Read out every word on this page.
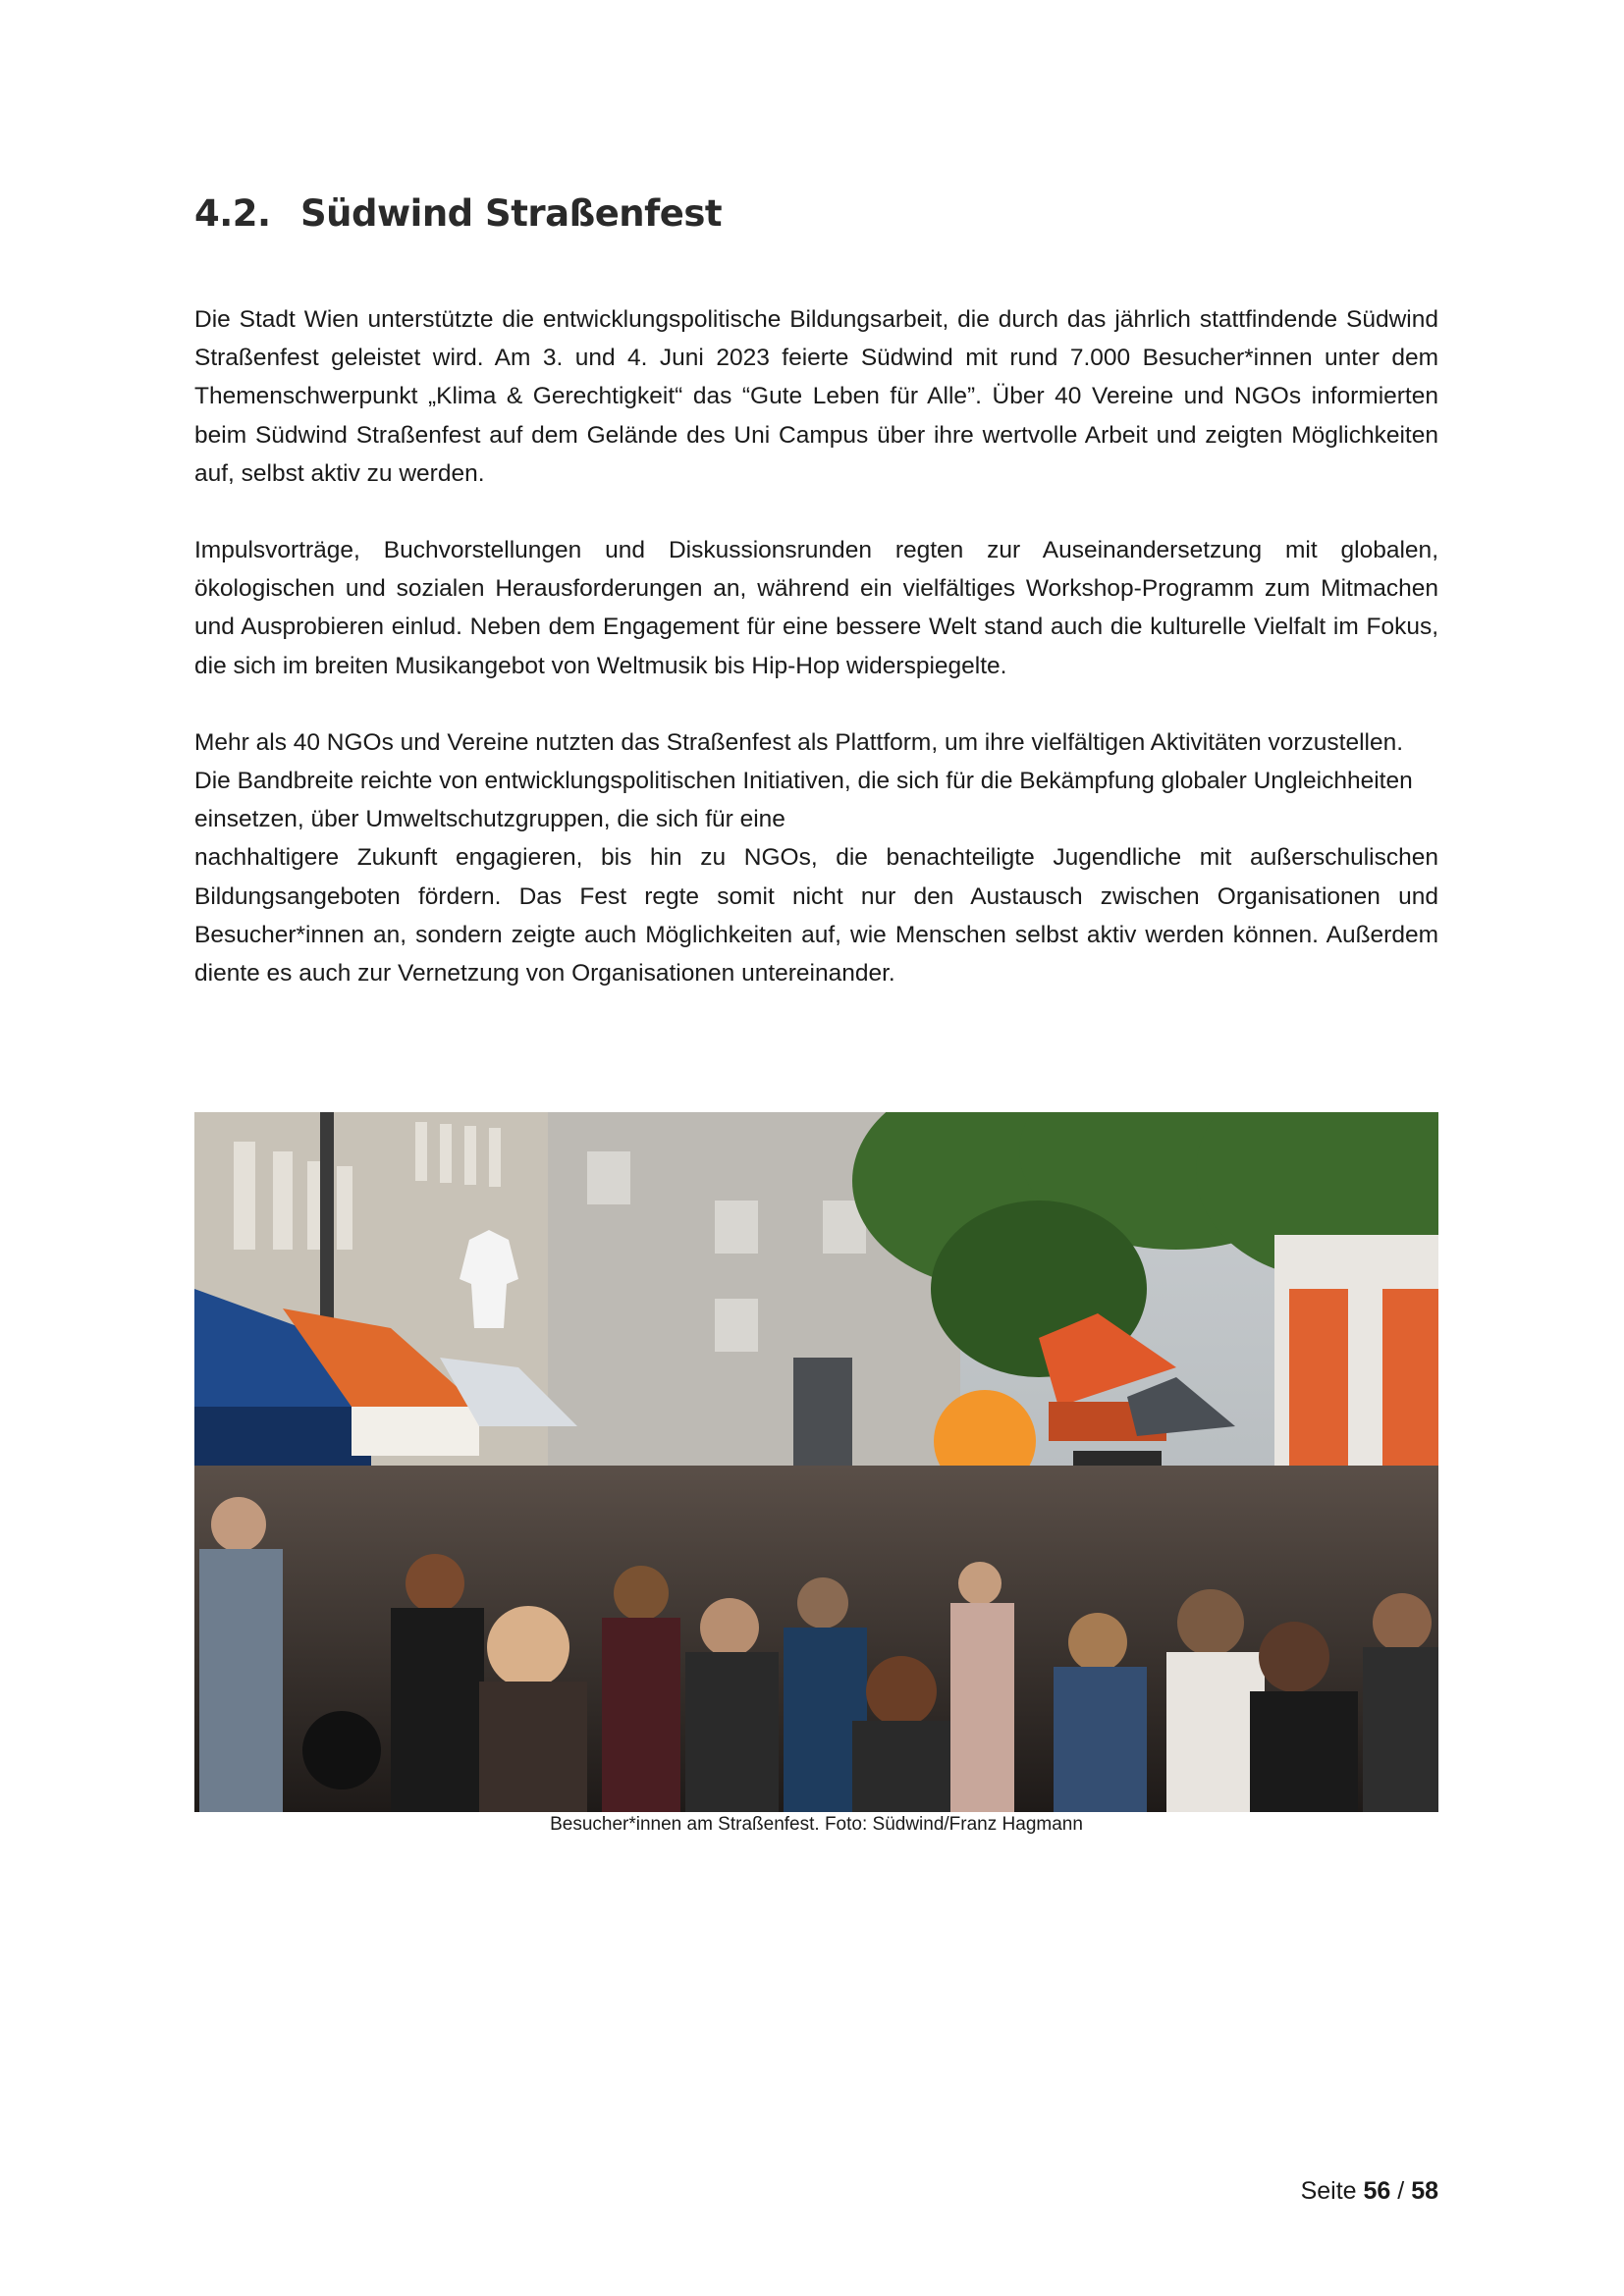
4.2. Südwind Straßenfest

Die Stadt Wien unterstützte die entwicklungspolitische Bildungsarbeit, die durch das jährlich stattfindende Südwind Straßenfest geleistet wird. Am 3. und 4. Juni 2023 feierte Südwind mit rund 7.000 Besucher*innen unter dem Themenschwerpunkt „Klima & Gerechtigkeit“ das “Gute Leben für Alle”. Über 40 Vereine und NGOs informierten beim Südwind Straßenfest auf dem Gelände des Uni Campus über ihre wertvolle Arbeit und zeigten Möglichkeiten auf, selbst aktiv zu werden.

Impulsvorträge, Buchvorstellungen und Diskussionsrunden regten zur Auseinandersetzung mit globalen, ökologischen und sozialen Herausforderungen an, während ein vielfältiges Workshop-Programm zum Mitmachen und Ausprobieren einlud. Neben dem Engagement für eine bessere Welt stand auch die kulturelle Vielfalt im Fokus, die sich im breiten Musikangebot von Weltmusik bis Hip-Hop widerspiegelte.

Mehr als 40 NGOs und Vereine nutzten das Straßenfest als Plattform, um ihre vielfältigen Aktivitäten vorzustellen. Die Bandbreite reichte von entwicklungspolitischen Initiativen, die sich für die Bekämpfung globaler Ungleichheiten einsetzen, über Umweltschutzgruppen, die sich für eine
nachhaltigere Zukunft engagieren, bis hin zu NGOs, die benachteiligte Jugendliche mit außerschulischen Bildungsangeboten fördern. Das Fest regte somit nicht nur den Austausch zwischen Organisationen und Besucher*innen an, sondern zeigte auch Möglichkeiten auf, wie Menschen selbst aktiv werden können. Außerdem diente es auch zur Vernetzung von Organisationen untereinander.

Besucher*innen am Straßenfest. Foto: Südwind/Franz Hagmann
Seite 56 / 58
